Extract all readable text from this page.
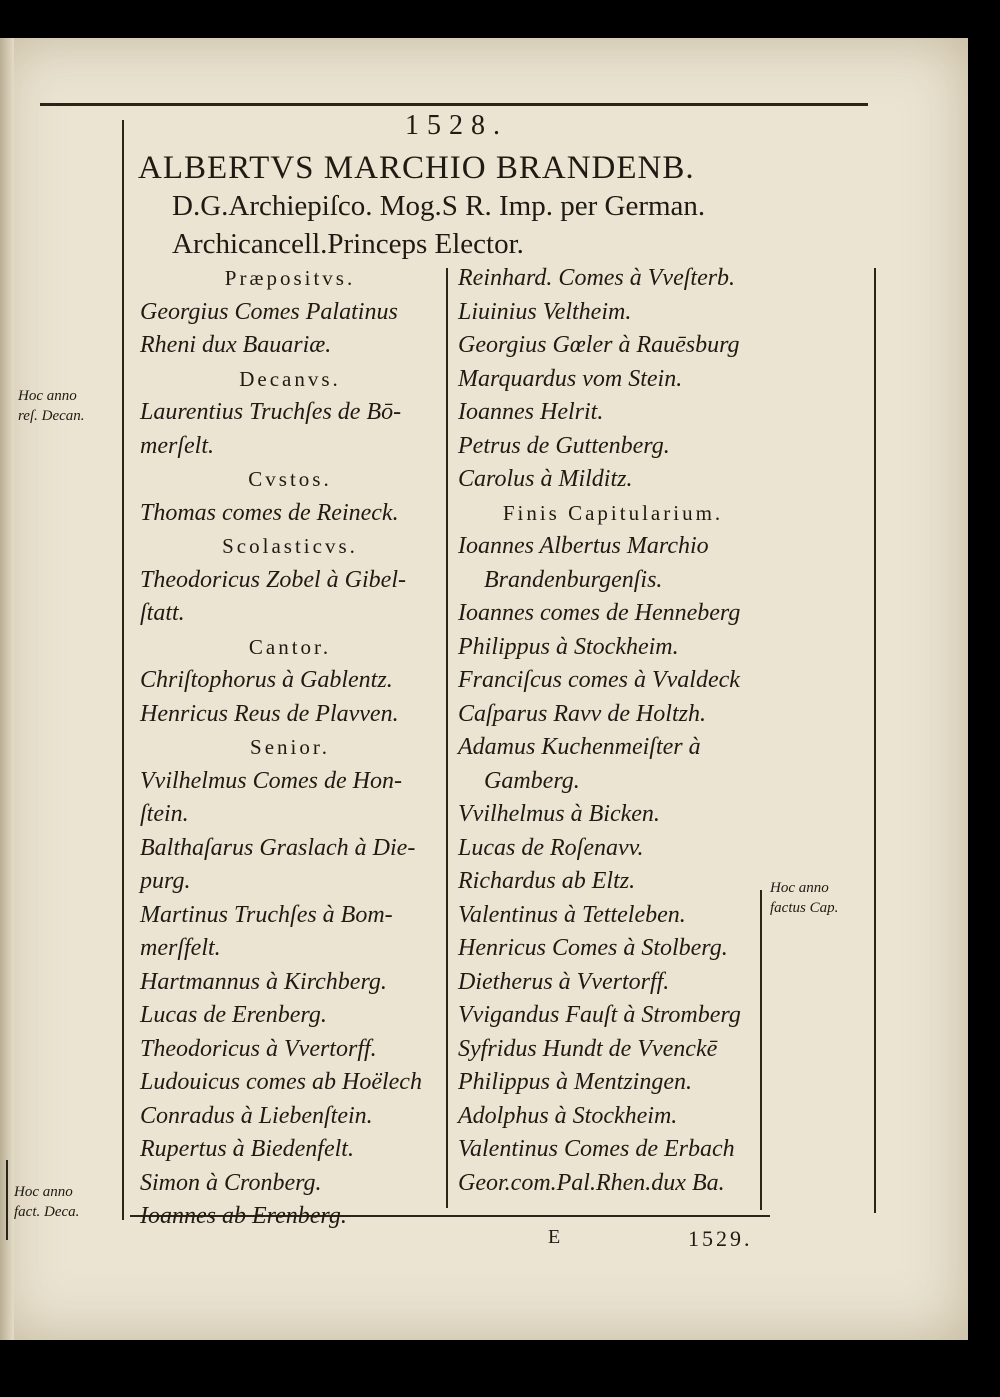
1528.
ALBERTVS MARCHIO BRANDENB.
D.G.Archiepiſco. Mog.S R. Imp. per German.
Archicancell.Princeps Elector.
Præpositvs.
Georgius Comes Palatinus
Rheni dux Bauariæ.
Decanvs.
Laurentius Truchſes de Bō-
merſelt.
Cvstos.
Thomas comes de Reineck.
Scolasticvs.
Theodoricus Zobel à Gibel-
ſtatt.
Cantor.
Chriſtophorus à Gablentz.
Henricus Reus de Plavven.
Senior.
Vvilhelmus Comes de Hon-
ſtein.
Balthaſarus Graslach à Die-
purg.
Martinus Truchſes à Bom-
merſfelt.
Hartmannus à Kirchberg.
Lucas de Erenberg.
Theodoricus à Vvertorff.
Ludouicus comes ab Hoëlech
Conradus à Liebenſtein.
Rupertus à Biedenfelt.
Simon à Cronberg.
Ioannes ab Erenberg.
Reinhard. Comes à Vveſterb.
Liuinius Veltheim.
Georgius Gœler à Rauēsburg
Marquardus vom Stein.
Ioannes Helrit.
Petrus de Guttenberg.
Carolus à Milditz.
Finis Capitularium.
Ioannes Albertus Marchio
Brandenburgenſis.
Ioannes comes de Henneberg
Philippus à Stockheim.
Franciſcus comes à Vvaldeck
Caſparus Ravv de Holtzh.
Adamus Kuchenmeiſter à
Gamberg.
Vvilhelmus à Bicken.
Lucas de Roſenavv.
Richardus ab Eltz.
Valentinus à Tetteleben.
Henricus Comes à Stolberg.
Dietherus à Vvertorff.
Vvigandus Fauſt à Stromberg
Syfridus Hundt de Vvenckē
Philippus à Mentzingen.
Adolphus à Stockheim.
Valentinus Comes de Erbach
Geor.com.Pal.Rhen.dux Ba.
Hoc anno
reſ. Decan.
Hoc anno
fact. Deca.
Hoc anno
factus Cap.
E	1529.
